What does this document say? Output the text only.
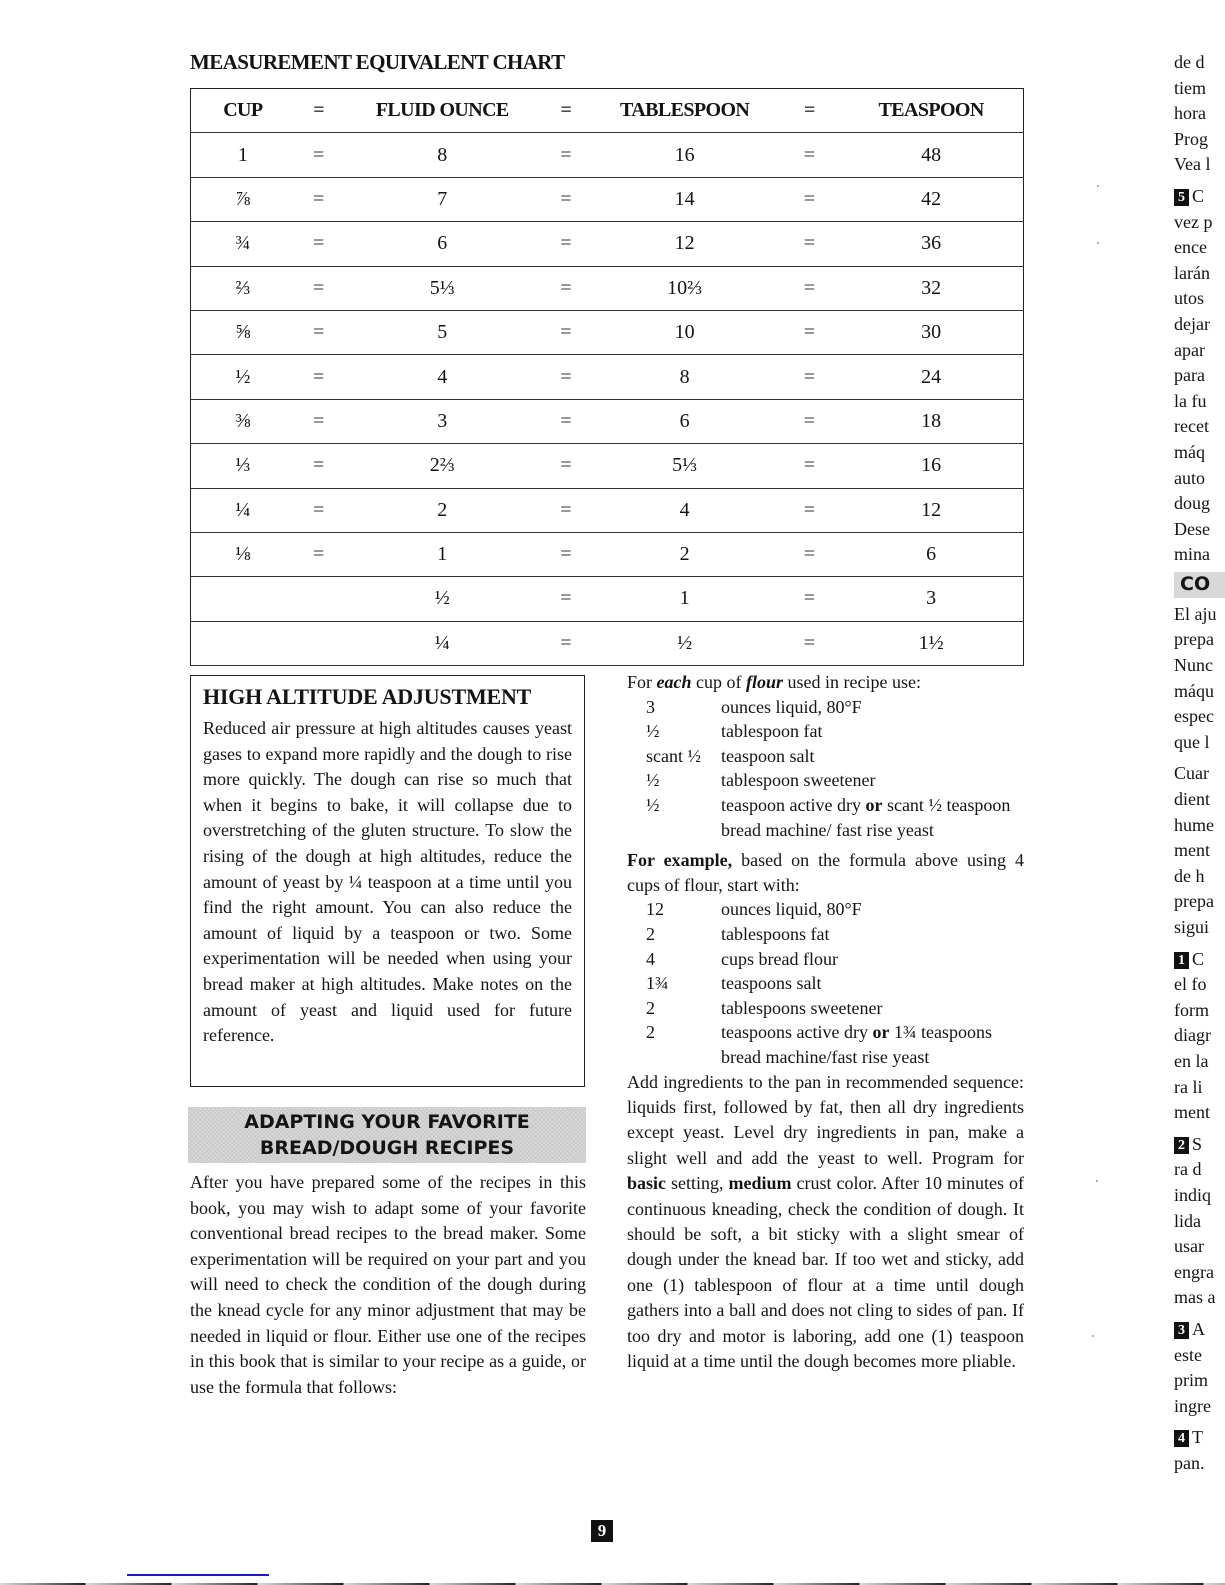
MEASUREMENT EQUIVALENT CHART
CUP	=	FLUID OUNCE	=	TABLESPOON	=	TEASPOON
1	=	8	=	16	=	48
⅞	=	7	=	14	=	42
¾	=	6	=	12	=	36
⅔	=	5⅓	=	10⅔	=	32
⅝	=	5	=	10	=	30
½	=	4	=	8	=	24
⅜	=	3	=	6	=	18
⅓	=	2⅔	=	5⅓	=	16
¼	=	2	=	4	=	12
⅛	=	1	=	2	=	6
		½	=	1	=	3
		¼	=	½	=	1½
HIGH ALTITUDE ADJUSTMENT
Reduced air pressure at high altitudes causes yeast gases to expand more rapidly and the dough to rise more quickly. The dough can rise so much that when it begins to bake, it will collapse due to overstretching of the gluten structure. To slow the rising of the dough at high altitudes, reduce the amount of yeast by ¼ teaspoon at a time until you find the right amount. You can also reduce the amount of liquid by a teaspoon or two. Some experimentation will be needed when using your bread maker at high altitudes. Make notes on the amount of yeast and liquid used for future reference.
ADAPTING YOUR FAVORITE
BREAD/DOUGH RECIPES
After you have prepared some of the recipes in this book, you may wish to adapt some of your favorite conventional bread recipes to the bread maker. Some experimentation will be required on your part and you will need to check the condition of the dough during the knead cycle for any minor adjustment that may be needed in liquid or flour. Either use one of the recipes in this book that is similar to your recipe as a guide, or use the formula that follows:
For each cup of flour used in recipe use:
3	ounces liquid, 80°F
½	tablespoon fat
scant ½	teaspoon salt
½	tablespoon sweetener
½	teaspoon active dry or scant ½ teaspoon bread machine/ fast rise yeast
For example, based on the formula above using 4 cups of flour, start with:
12	ounces liquid, 80°F
2	tablespoons fat
4	cups bread flour
1¾	teaspoons salt
2	tablespoons sweetener
2	teaspoons active dry or 1¾ teaspoons bread machine/fast rise yeast
Add ingredients to the pan in recommended sequence: liquids first, followed by fat, then all dry ingredients except yeast. Level dry ingredients in pan, make a slight well and add the yeast to well. Program for basic setting, medium crust color. After 10 minutes of continuous kneading, check the condition of dough. It should be soft, a bit sticky with a slight smear of dough under the knead bar. If too wet and sticky, add one (1) tablespoon of flour at a time until dough gathers into a ball and does not cling to sides of pan. If too dry and motor is laboring, add one (1) teaspoon liquid at a time until the dough becomes more pliable.
de d
tiem
hora
Prog
Vea l
5 C
vez p
ence
larán
utos
dejar
apar
para
la fu
recet
máq
auto
doug
Dese
mina
CO
El aju
prepa
Nunc
máqu
espec
que l
Cuar
dient
hume
ment
de h
prepa
sigui
1 C
el fo
form
diagr
en la
ra li
ment
2 S
ra d
indiq
lida
usar
engra
mas a
3 A
este
prim
ingre
4 T
pan.
9
